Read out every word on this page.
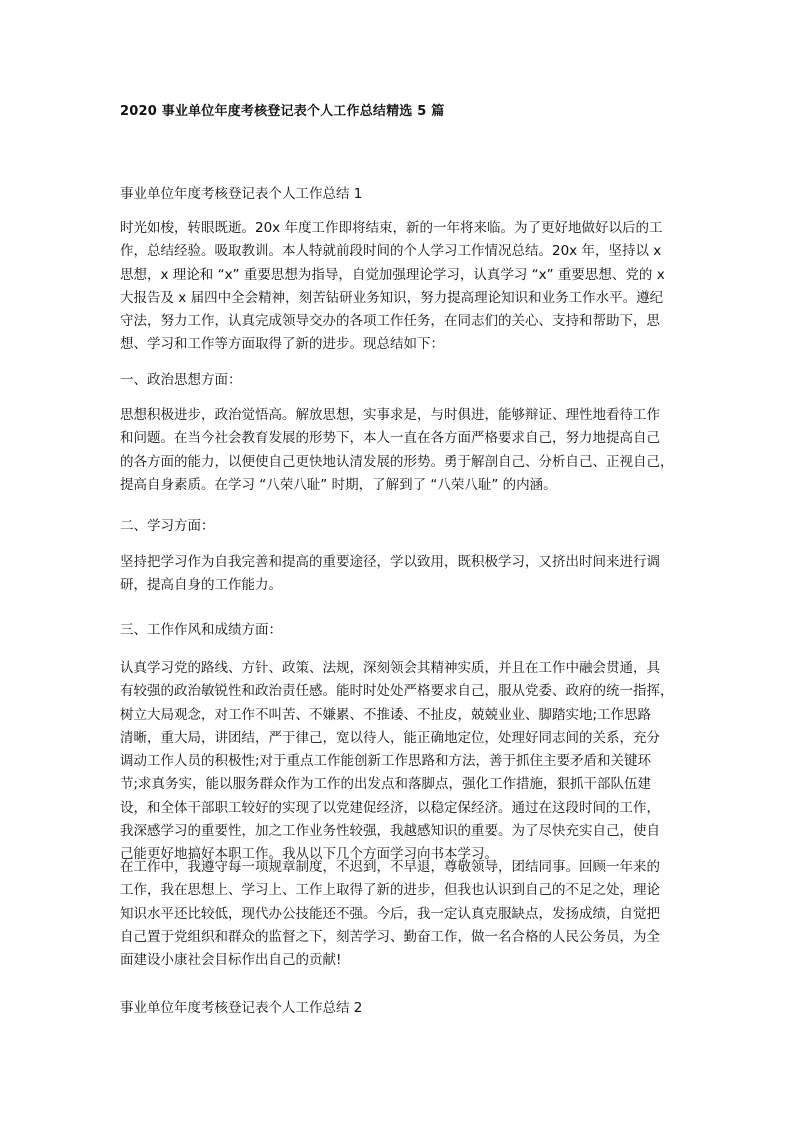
2020 事业单位年度考核登记表个人工作总结精选 5 篇
事业单位年度考核登记表个人工作总结 1
时光如梭，转眼既逝。20x 年度工作即将结束，新的一年将来临。为了更好地做好以后的工
作，总结经验。吸取教训。本人特就前段时间的个人学习工作情况总结。20x 年，坚持以 x
思想，x 理论和 “x” 重要思想为指导，自觉加强理论学习，认真学习 “x” 重要思想、党的 x
大报告及 x 届四中全会精神，刻苦钻研业务知识，努力提高理论知识和业务工作水平。遵纪
守法，努力工作，认真完成领导交办的各项工作任务，在同志们的关心、支持和帮助下，思
想、学习和工作等方面取得了新的进步。现总结如下：
一、政治思想方面：
思想积极进步，政治觉悟高。解放思想，实事求是，与时俱进，能够辩证、理性地看待工作
和问题。在当今社会教育发展的形势下，本人一直在各方面严格要求自己，努力地提高自己
的各方面的能力，以便使自己更快地认清发展的形势。勇于解剖自己、分析自己、正视自己，
提高自身素质。在学习 “八荣八耻” 时期，了解到了 “八荣八耻” 的内涵。
二、学习方面：
坚持把学习作为自我完善和提高的重要途径，学以致用，既积极学习，又挤出时间来进行调
研，提高自身的工作能力。
三、工作作风和成绩方面：
认真学习党的路线、方针、政策、法规，深刻领会其精神实质，并且在工作中融会贯通，具
有较强的政治敏锐性和政治责任感。能时时处处严格要求自己，服从党委、政府的统一指挥，
树立大局观念，对工作不叫苦、不嫌累、不推诿、不扯皮，兢兢业业、脚踏实地;工作思路
清晰，重大局，讲团结，严于律己，宽以待人，能正确地定位，处理好同志间的关系，充分
调动工作人员的积极性;对于重点工作能创新工作思路和方法，善于抓住主要矛盾和关键环
节;求真务实，能以服务群众作为工作的出发点和落脚点，强化工作措施，狠抓干部队伍建
设，和全体干部职工较好的实现了以党建促经济，以稳定保经济。通过在这段时间的工作，
我深感学习的重要性，加之工作业务性较强，我越感知识的重要。为了尽快充实自己，使自
己能更好地搞好本职工作。我从以下几个方面学习向书本学习。
在工作中，我遵守每一项规章制度，不迟到，不早退，尊敬领导，团结同事。回顾一年来的
工作，我在思想上、学习上、工作上取得了新的进步，但我也认识到自己的不足之处，理论
知识水平还比较低，现代办公技能还不强。今后，我一定认真克服缺点，发扬成绩，自觉把
自己置于党组织和群众的监督之下，刻苦学习、勤奋工作，做一名合格的人民公务员，为全
面建设小康社会目标作出自己的贡献!
事业单位年度考核登记表个人工作总结 2
